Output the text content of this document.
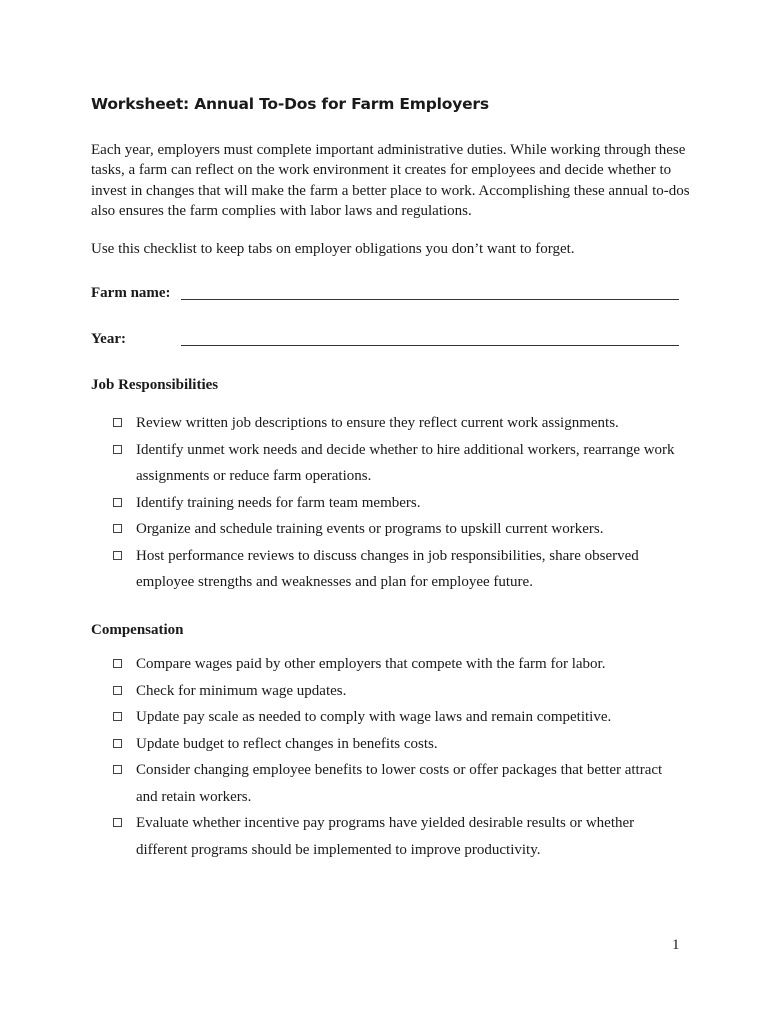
Worksheet: Annual To-Dos for Farm Employers

Each year, employers must complete important administrative duties. While working through these tasks, a farm can reflect on the work environment it creates for employees and decide whether to invest in changes that will make the farm a better place to work. Accomplishing these annual to-dos also ensures the farm complies with labor laws and regulations.

Use this checklist to keep tabs on employer obligations you don’t want to forget.

Farm name:
Year:
Job Responsibilities
Review written job descriptions to ensure they reflect current work assignments.
Identify unmet work needs and decide whether to hire additional workers, rearrange work assignments or reduce farm operations.
Identify training needs for farm team members.
Organize and schedule training events or programs to upskill current workers.
Host performance reviews to discuss changes in job responsibilities, share observed employee strengths and weaknesses and plan for employee future.
Compensation
Compare wages paid by other employers that compete with the farm for labor.
Check for minimum wage updates.
Update pay scale as needed to comply with wage laws and remain competitive.
Update budget to reflect changes in benefits costs.
Consider changing employee benefits to lower costs or offer packages that better attract and retain workers.
Evaluate whether incentive pay programs have yielded desirable results or whether different programs should be implemented to improve productivity.
1
